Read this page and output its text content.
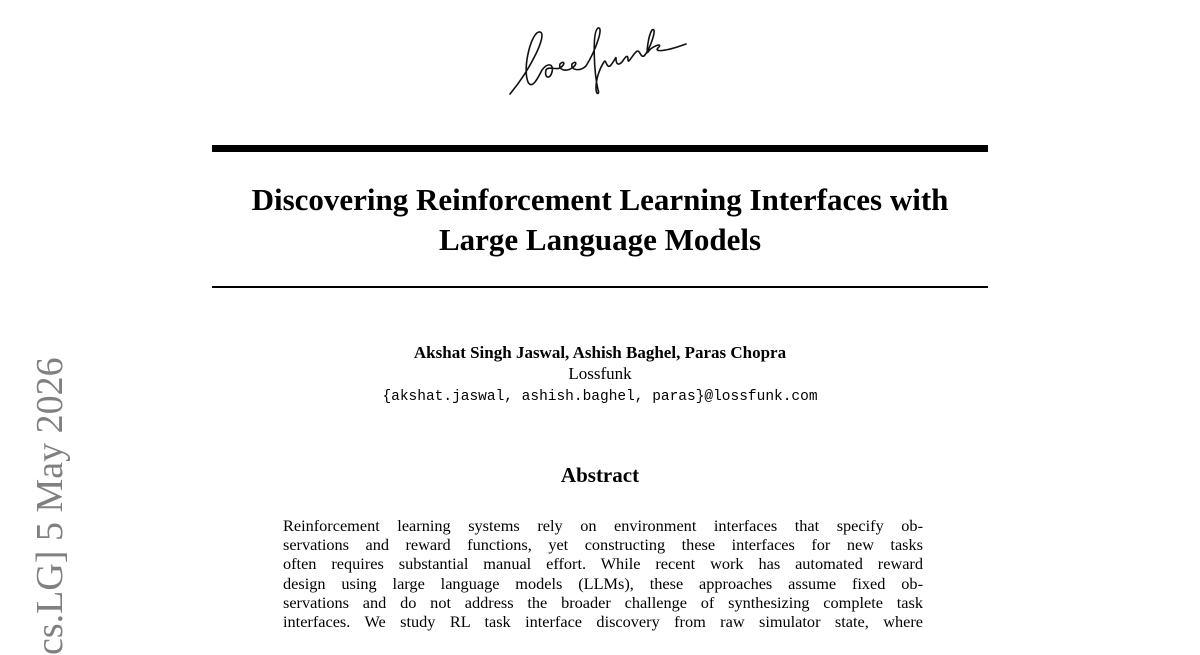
Discovering Reinforcement Learning Interfaces with
Large Language Models
Akshat Singh Jaswal, Ashish Baghel, Paras Chopra
Lossfunk
{akshat.jaswal, ashish.baghel, paras}@lossfunk.com
Abstract
Reinforcement learning systems rely on environment interfaces that specify ob-
servations and reward functions, yet constructing these interfaces for new tasks
often requires substantial manual effort. While recent work has automated reward
design using large language models (LLMs), these approaches assume fixed ob-
servations and do not address the broader challenge of synthesizing complete task
interfaces. We study RL task interface discovery from raw simulator state, where
cs.LG] 5 May 2026
